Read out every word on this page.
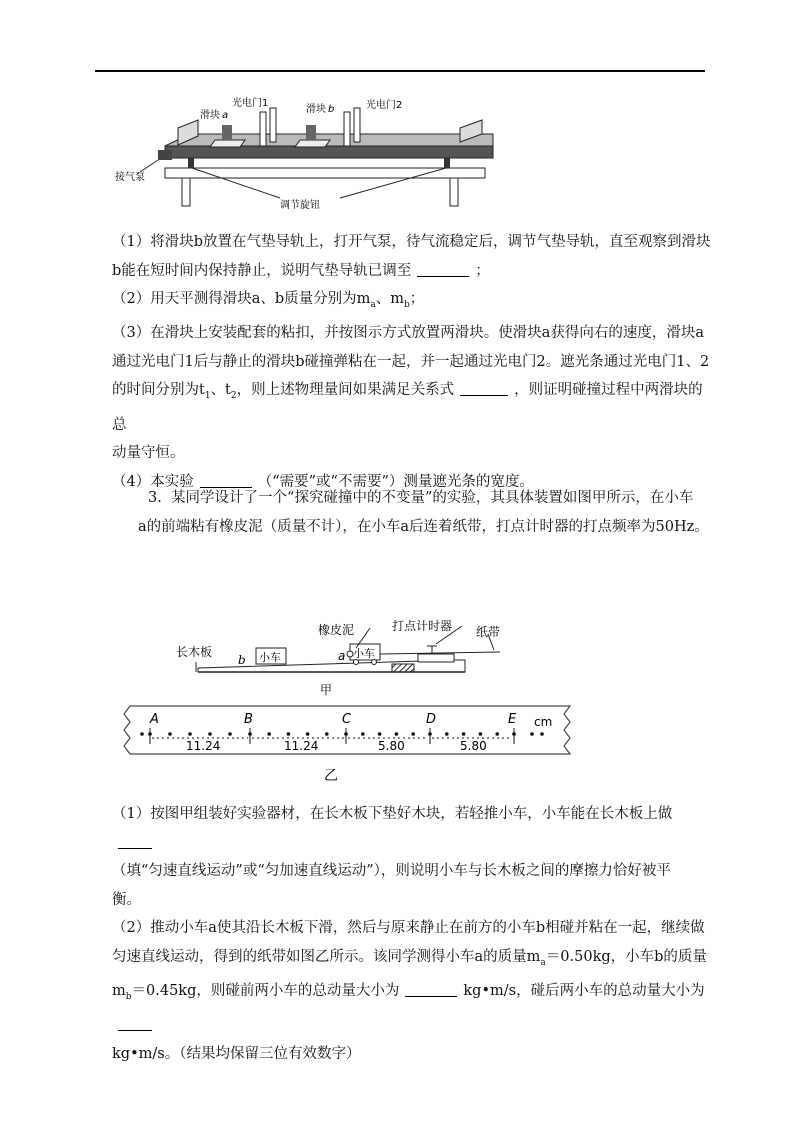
滑块 a
光电门1
滑块 b	光电门2
接气泵
调节旋钮
（1）将滑块b放置在气垫导轨上，打开气泵，待气流稳定后，调节气垫导轨，直至观察到滑块
b能在短时间内保持静止，说明气垫导轨已调至	；
（2）用天平测得滑块a、b质量分别为$m_a$、$m_b$；
（3）在滑块上安装配套的粘扣，并按图示方式放置两滑块。使滑块a获得向右的速度，滑块a
通过光电门1后与静止的滑块b碰撞弹粘在一起，并一起通过光电门2。遮光条通过光电门1、2
的时间分别为$t_1$、$t_2$，则上述物理量间如果满足关系式	，则证明碰撞过程中两滑块的总
动量守恒。
（4）本实验	（“需要”或“不需要”）测量遮光条的宽度。
3. 某同学设计了一个“探究碰撞中的不变量”的实验，其具体装置如图甲所示，在小车
a的前端粘有橡皮泥（质量不计），在小车a后连着纸带，打点计时器的打点频率为50Hz。
小车	小车
长木板
b	a
橡皮泥	打点计时器 纸带
甲
A	B	C	D	E cm
11.24	11.24	5.80	5.80
乙
（1）按图甲组装好实验器材，在长木板下垫好木块，若轻推小车，小车能在长木板上做
（填“匀速直线运动”或“匀加速直线运动”），则说明小车与长木板之间的摩擦力恰好被平
衡。
（2）推动小车a使其沿长木板下滑，然后与原来静止在前方的小车b相碰并粘在一起，继续做
匀速直线运动，得到的纸带如图乙所示。该同学测得小车a的质量$m_a=0.50kg$，小车b的质量
$m_b=0.45kg$，则碰前两小车的总动量大小为	kg•m/s，碰后两小车的总动量大小为
kg•m/s。（结果均保留三位有效数字）
